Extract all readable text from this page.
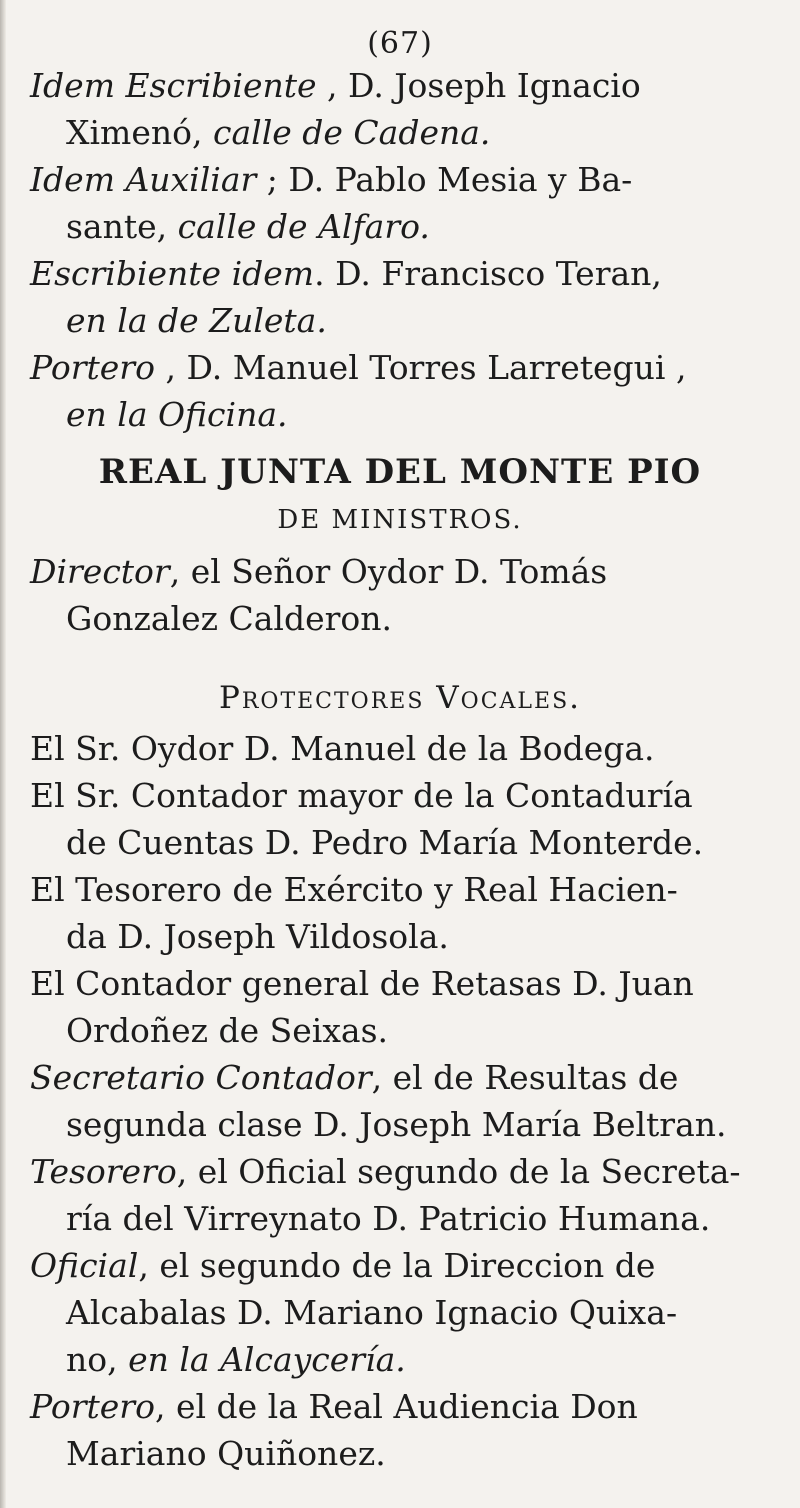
(67)
Idem Escribiente , D. Joseph Ignacio
Ximenó, calle de Cadena.
Idem Auxiliar ; D. Pablo Mesia y Ba-
sante, calle de Alfaro.
Escribiente idem. D. Francisco Teran,
en la de Zuleta.
Portero , D. Manuel Torres Larretegui ,
en la Oficina.
REAL JUNTA DEL MONTE PIO
DE MINISTROS.
Director, el Señor Oydor D. Tomás
Gonzalez Calderon.
Protectores Vocales.
El Sr. Oydor D. Manuel de la Bodega.
El Sr. Contador mayor de la Contaduría
de Cuentas D. Pedro María Monterde.
El Tesorero de Exército y Real Hacien-
da D. Joseph Vildosola.
El Contador general de Retasas D. Juan
Ordoñez de Seixas.
Secretario Contador, el de Resultas de
segunda clase D. Joseph María Beltran.
Tesorero, el Oficial segundo de la Secreta-
ría del Virreynato D. Patricio Humana.
Oficial, el segundo de la Direccion de
Alcabalas D. Mariano Ignacio Quixa-
no, en la Alcaycería.
Portero, el de la Real Audiencia Don
Mariano Quiñonez.
